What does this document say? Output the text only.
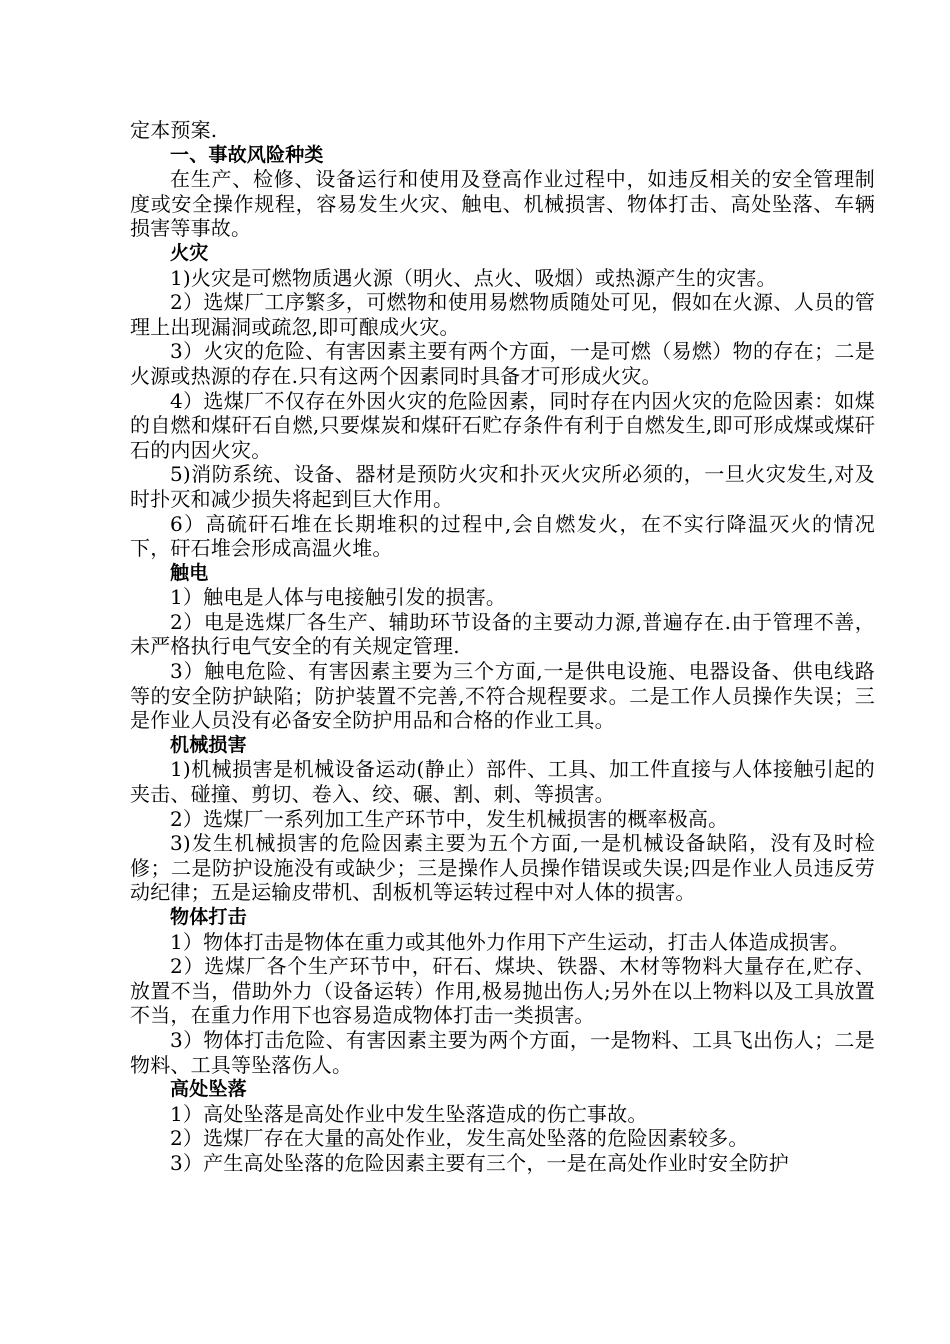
定本预案.

一、事故风险种类

在生产、检修、设备运行和使用及登高作业过程中，如违反相关的安全管理制度或安全操作规程，容易发生火灾、触电、机械损害、物体打击、高处坠落、车辆损害等事故。

火灾

1)火灾是可燃物质遇火源（明火、点火、吸烟）或热源产生的灾害。

2）选煤厂工序繁多，可燃物和使用易燃物质随处可见，假如在火源、人员的管理上出现漏洞或疏忽,即可酿成火灾。

3）火灾的危险、有害因素主要有两个方面，一是可燃（易燃）物的存在；二是火源或热源的存在.只有这两个因素同时具备才可形成火灾。

4）选煤厂不仅存在外因火灾的危险因素，同时存在内因火灾的危险因素：如煤的自燃和煤矸石自燃,只要煤炭和煤矸石贮存条件有利于自燃发生,即可形成煤或煤矸石的内因火灾。

5)消防系统、设备、器材是预防火灾和扑灭火灾所必须的，一旦火灾发生,对及时扑灭和减少损失将起到巨大作用。

6）高硫矸石堆在长期堆积的过程中,会自燃发火，在不实行降温灭火的情况下，矸石堆会形成高温火堆。

触电

1）触电是人体与电接触引发的损害。

2）电是选煤厂各生产、辅助环节设备的主要动力源,普遍存在.由于管理不善，未严格执行电气安全的有关规定管理.

3）触电危险、有害因素主要为三个方面,一是供电设施、电器设备、供电线路等的安全防护缺陷；防护装置不完善,不符合规程要求。二是工作人员操作失误；三是作业人员没有必备安全防护用品和合格的作业工具。

机械损害

1)机械损害是机械设备运动(静止）部件、工具、加工件直接与人体接触引起的夹击、碰撞、剪切、卷入、绞、碾、割、刺、等损害。

2）选煤厂一系列加工生产环节中，发生机械损害的概率极高。

3)发生机械损害的危险因素主要为五个方面,一是机械设备缺陷，没有及时检修；二是防护设施没有或缺少；三是操作人员操作错误或失误;四是作业人员违反劳动纪律；五是运输皮带机、刮板机等运转过程中对人体的损害。

物体打击

1）物体打击是物体在重力或其他外力作用下产生运动，打击人体造成损害。

2）选煤厂各个生产环节中，矸石、煤块、铁器、木材等物料大量存在,贮存、放置不当，借助外力（设备运转）作用,极易抛出伤人;另外在以上物料以及工具放置不当，在重力作用下也容易造成物体打击一类损害。

3）物体打击危险、有害因素主要为两个方面，一是物料、工具飞出伤人；二是物料、工具等坠落伤人。

高处坠落

1）高处坠落是高处作业中发生坠落造成的伤亡事故。

2）选煤厂存在大量的高处作业，发生高处坠落的危险因素较多。

3）产生高处坠落的危险因素主要有三个，一是在高处作业时安全防护
